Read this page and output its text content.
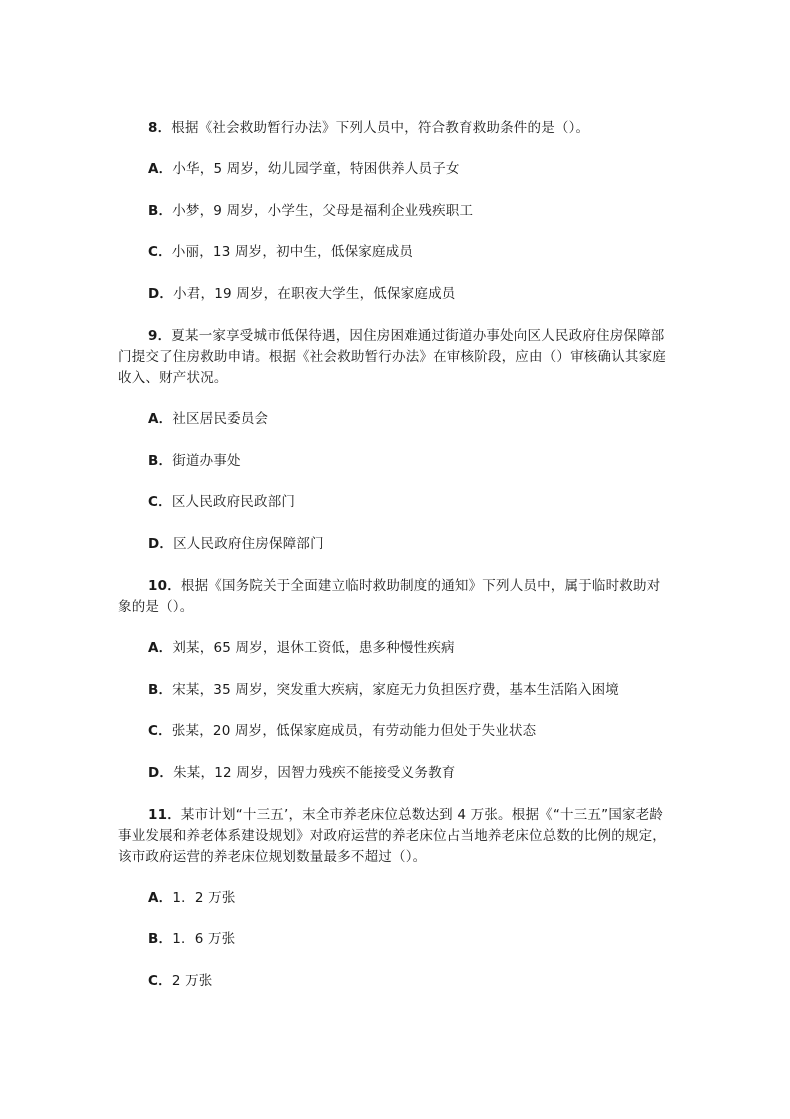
8．根据《社会救助暂行办法》下列人员中，符合教育救助条件的是（）。

A．小华，5 周岁，幼儿园学童，特困供养人员子女

B．小梦，9 周岁，小学生，父母是福利企业残疾职工

C．小丽，13 周岁，初中生，低保家庭成员

D．小君，19 周岁，在职夜大学生，低保家庭成员

9．夏某一家享受城市低保待遇，因住房困难通过街道办事处向区人民政府住房保障部门提交了住房救助申请。根据《社会救助暂行办法》在审核阶段，应由（）审核确认其家庭收入、财产状况。

A．社区居民委员会

B．街道办事处

C．区人民政府民政部门

D．区人民政府住房保障部门

10．根据《国务院关于全面建立临时救助制度的通知》下列人员中，属于临时救助对象的是（）。

A．刘某，65 周岁，退休工资低，患多种慢性疾病

B．宋某，35 周岁，突发重大疾病，家庭无力负担医疗费，基本生活陷入困境

C．张某，20 周岁，低保家庭成员，有劳动能力但处于失业状态

D．朱某，12 周岁，因智力残疾不能接受义务教育

11．某市计划“十三五’，末全市养老床位总数达到 4 万张。根据《“十三五”国家老龄事业发展和养老体系建设规划》对政府运营的养老床位占当地养老床位总数的比例的规定，该市政府运营的养老床位规划数量最多不超过（）。

A．1．2 万张

B．1．6 万张

C．2 万张
